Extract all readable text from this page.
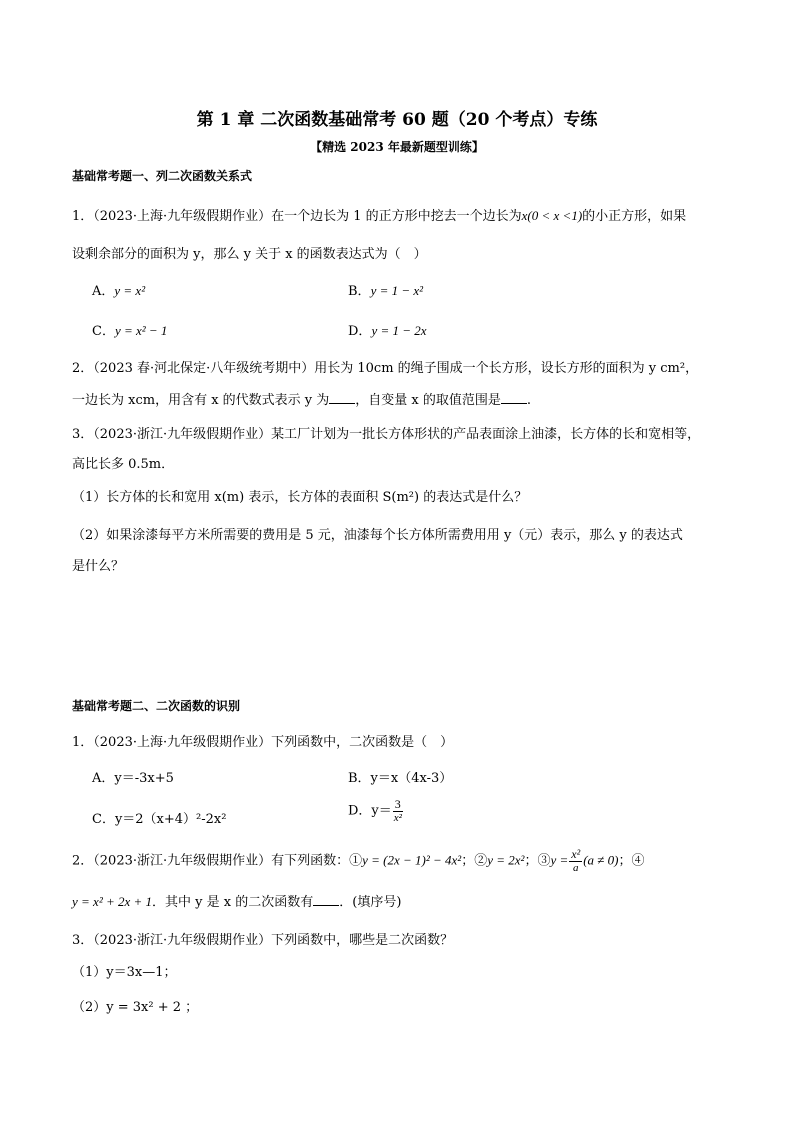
第 1 章 二次函数基础常考 60 题（20 个考点）专练
【精选 2023 年最新题型训练】
基础常考题一、列二次函数关系式
1．（2023·上海·九年级假期作业）在一个边长为 1 的正方形中挖去一个边长为x(0 < x <1)的小正方形，如果
设剩余部分的面积为 y，那么 y 关于 x 的函数表达式为（　）
A．y = x²	B．y = 1 − x²
C．y = x² − 1	D．y = 1 − 2x
2．（2023 春·河北保定·八年级统考期中）用长为 10cm 的绳子围成一个长方形，设长方形的面积为 y cm²，
一边长为 xcm，用含有 x 的代数式表示 y 为 ，自变量 x 的取值范围是 .
3．（2023·浙江·九年级假期作业）某工厂计划为一批长方体形状的产品表面涂上油漆，长方体的长和宽相等，
高比长多 0.5m．
（1）长方体的长和宽用 x(m) 表示，长方体的表面积 S(m²) 的表达式是什么？
（2）如果涂漆每平方米所需要的费用是 5 元，油漆每个长方体所需费用用 y（元）表示，那么 y 的表达式
是什么？
基础常考题二、二次函数的识别
1．（2023·上海·九年级假期作业）下列函数中，二次函数是（　）
A．y＝-3x+5	B．y＝x（4x-3）
C．y＝2（x+4）²-2x²
D．$y= \frac{3}{\text{x²}}$
2．（2023·浙江·九年级假期作业）有下列函数：①y = (2x − 1)² − 4x²；②y = 2x²；③y = $\frac{\text{x²}}{a} (a \ne 0)$；④
y = x² + 2x + 1．其中 y 是 x 的二次函数有 ．(填序号)
3．（2023·浙江·九年级假期作业）下列函数中，哪些是二次函数？
（1）y＝3x—1；
（2）y = 3x² + 2 ；
